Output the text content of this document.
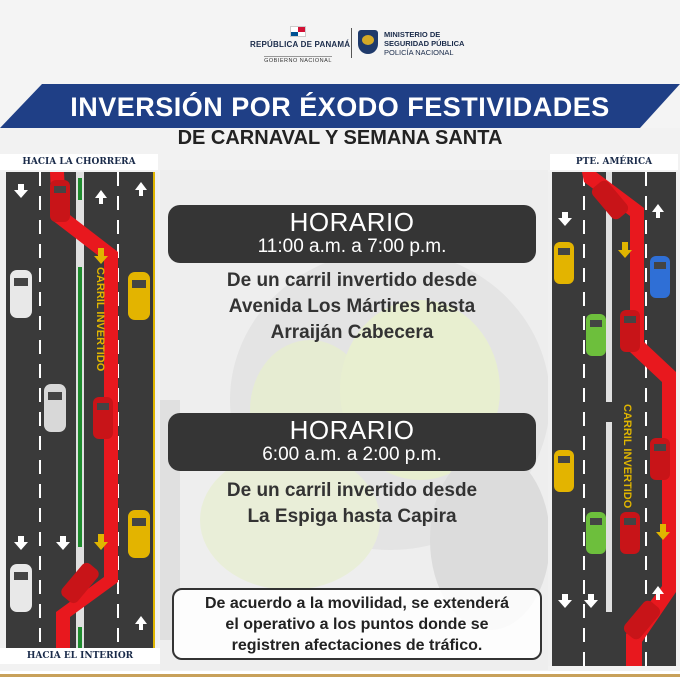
REPÚBLICA DE PANAMÁ
GOBIERNO NACIONAL
MINISTERIO DE
SEGURIDAD PÚBLICA
POLICÍA NACIONAL
INVERSIÓN POR ÉXODO FESTIVIDADES
DE CARNAVAL Y SEMANA SANTA
HACIA LA CHORRERA
CARRIL INVERTIDO
HACIA EL INTERIOR
PTE. AMÉRICA
CARRIL INVERTIDO
HORARIO
11:00 a.m. a 7:00 p.m.
De un carril invertido desde
Avenida Los Mártires hasta
Arraiján Cabecera
HORARIO
6:00 a.m. a 2:00 p.m.
De un carril invertido desde
La Espiga hasta Capira
De acuerdo a la movilidad, se extenderá
el operativo a los puntos donde se
registren afectaciones de tráfico.
